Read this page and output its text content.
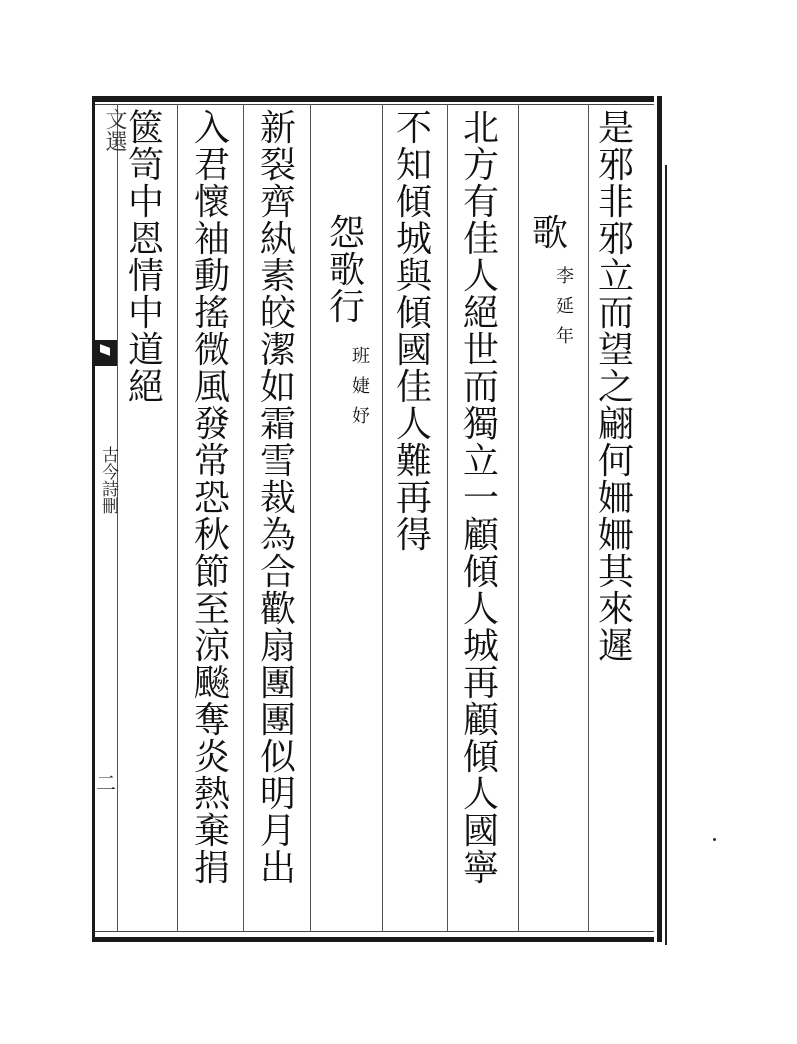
文選
古今詩刪
二
是
邪
非
邪
立
而
望
之
翩
何
姍
姍
其
來
遲
歌
李
延
年
北
方
有
佳
人
絕
世
而
獨
立
一
顧
傾
人
城
再
顧
傾
人
國
寧
不
知
傾
城
與
傾
國
佳
人
難
再
得
怨
歌
行
班
婕
妤
新
裂
齊
紈
素
皎
潔
如
霜
雪
裁
為
合
歡
扇
團
團
似
明
月
出
入
君
懷
袖
動
搖
微
風
發
常
恐
秋
節
至
涼
飈
奪
炎
熱
棄
捐
篋
笥
中
恩
情
中
道
絕
